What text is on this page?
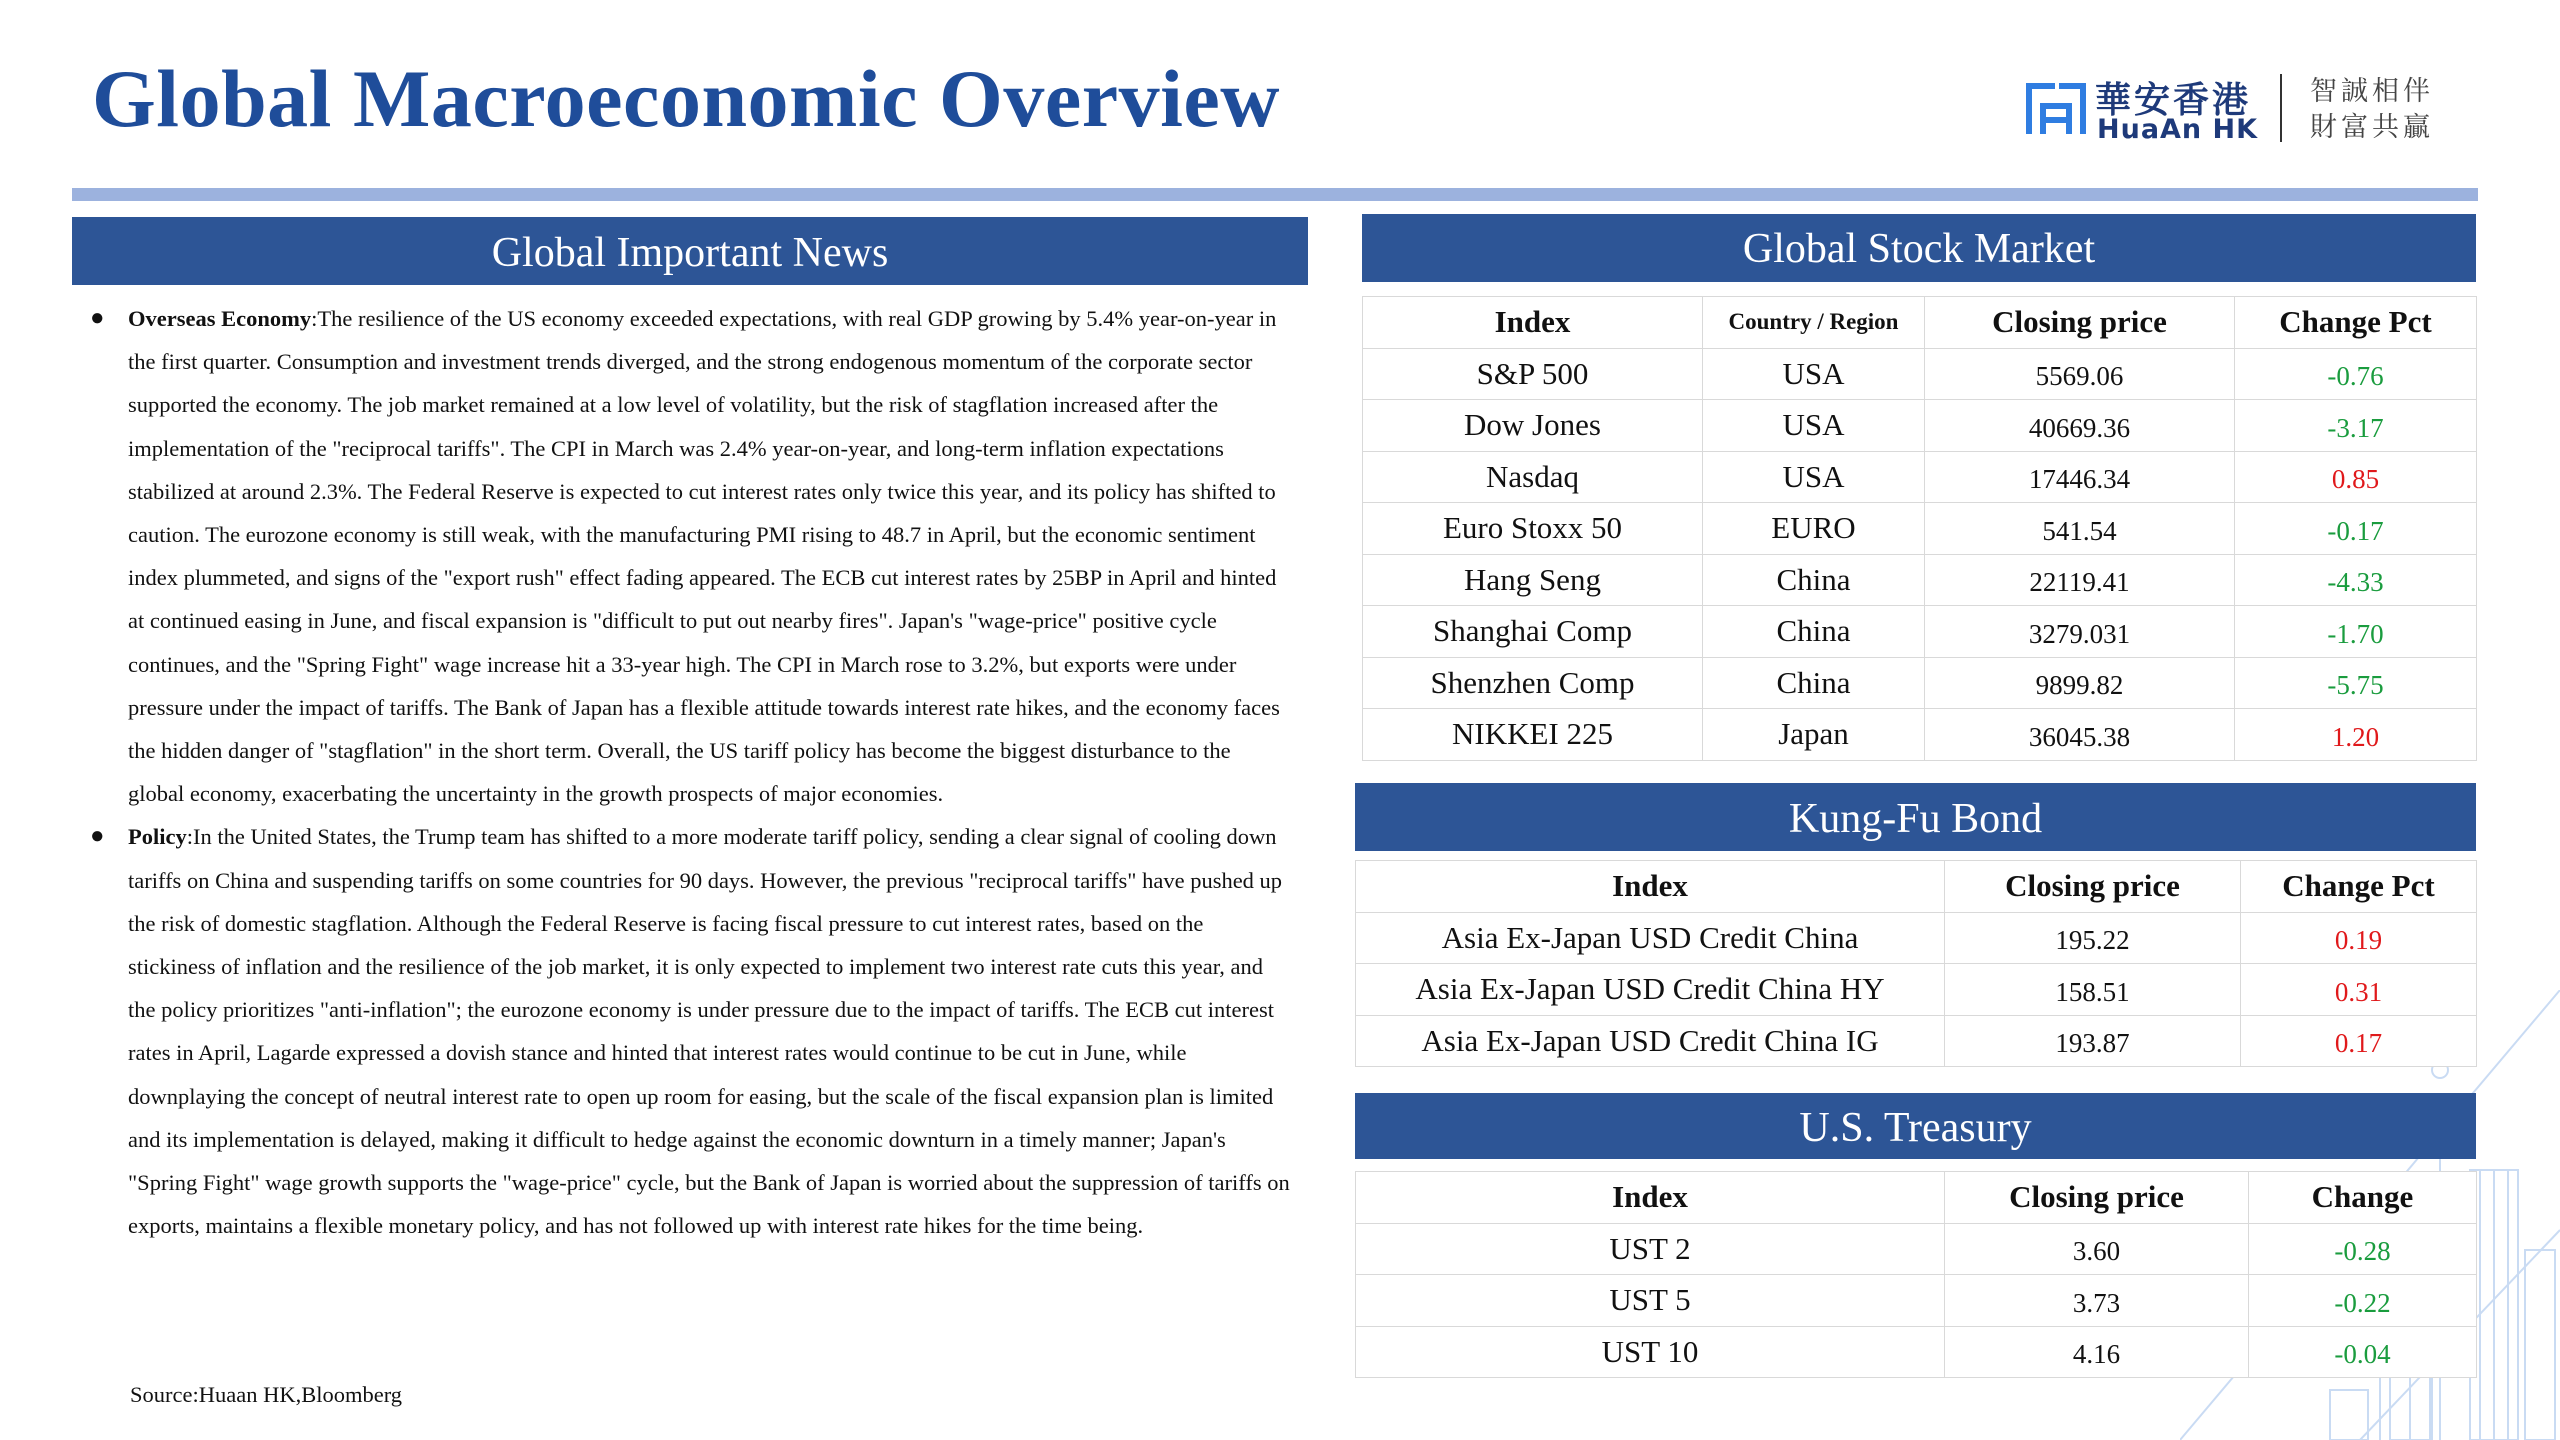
Global Macroeconomic Overview	華安香港
HuaAn HK
智誠相伴
財富共贏
Global Important News
● Overseas Economy:The resilience of the US economy exceeded expectations, with real GDP growing by 5.4% year-on-year in the first quarter. Consumption and investment trends diverged, and the strong endogenous momentum of the corporate sector supported the economy. The job market remained at a low level of volatility, but the risk of stagflation increased after the implementation of the "reciprocal tariffs". The CPI in March was 2.4% year-on-year, and long-term inflation expectations stabilized at around 2.3%. The Federal Reserve is expected to cut interest rates only twice this year, and its policy has shifted to caution. The eurozone economy is still weak, with the manufacturing PMI rising to 48.7 in April, but the economic sentiment index plummeted, and signs of the "export rush" effect fading appeared. The ECB cut interest rates by 25BP in April and hinted at continued easing in June, and fiscal expansion is "difficult to put out nearby fires". Japan's "wage-price" positive cycle continues, and the "Spring Fight" wage increase hit a 33-year high. The CPI in March rose to 3.2%, but exports were under pressure under the impact of tariffs. The Bank of Japan has a flexible attitude towards interest rate hikes, and the economy faces the hidden danger of "stagflation" in the short term. Overall, the US tariff policy has become the biggest disturbance to the global economy, exacerbating the uncertainty in the growth prospects of major economies.
● Policy:In the United States, the Trump team has shifted to a more moderate tariff policy, sending a clear signal of cooling down tariffs on China and suspending tariffs on some countries for 90 days. However, the previous "reciprocal tariffs" have pushed up the risk of domestic stagflation. Although the Federal Reserve is facing fiscal pressure to cut interest rates, based on the stickiness of inflation and the resilience of the job market, it is only expected to implement two interest rate cuts this year, and the policy prioritizes "anti-inflation"; the eurozone economy is under pressure due to the impact of tariffs. The ECB cut interest rates in April, Lagarde expressed a dovish stance and hinted that interest rates would continue to be cut in June, while downplaying the concept of neutral interest rate to open up room for easing, but the scale of the fiscal expansion plan is limited and its implementation is delayed, making it difficult to hedge against the economic downturn in a timely manner; Japan's "Spring Fight" wage growth supports the "wage-price" cycle, but the Bank of Japan is worried about the suppression of tariffs on exports, maintains a flexible monetary policy, and has not followed up with interest rate hikes for the time being.
Source:Huaan HK,Bloomberg
Global Stock Market
Index	Country / Region	Closing price	Change Pct
S&P 500	USA	5569.06	-0.76
Dow Jones	USA	40669.36	-3.17
Nasdaq	USA	17446.34	0.85
Euro Stoxx 50	EURO	541.54	-0.17
Hang Seng	China	22119.41	-4.33
Shanghai Comp	China	3279.031	-1.70
Shenzhen Comp	China	9899.82	-5.75
NIKKEI 225	Japan	36045.38	1.20
Kung-Fu Bond
Index	Closing price	Change Pct
Asia Ex-Japan USD Credit China	195.22	0.19
Asia Ex-Japan USD Credit China HY	158.51	0.31
Asia Ex-Japan USD Credit China IG	193.87	0.17
U.S. Treasury
Index	Closing price	Change
UST 2	3.60	-0.28
UST 5	3.73	-0.22
UST 10	4.16	-0.04
